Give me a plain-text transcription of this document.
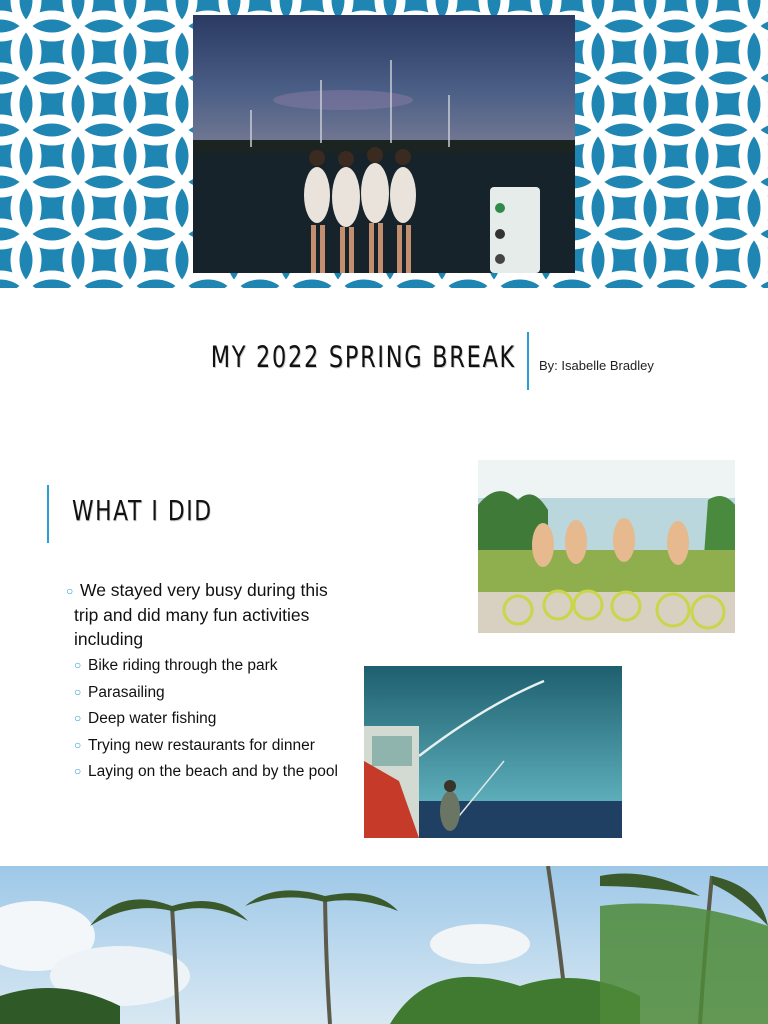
MY 2022 SPRING BREAK By: Isabelle Bradley
WHAT I DID

○ We stayed very busy during this trip and did many fun activities including

○ Bike riding through the park

○ Parasailing

○ Deep water fishing

○ Trying new restaurants for dinner

○ Laying on the beach and by the pool
